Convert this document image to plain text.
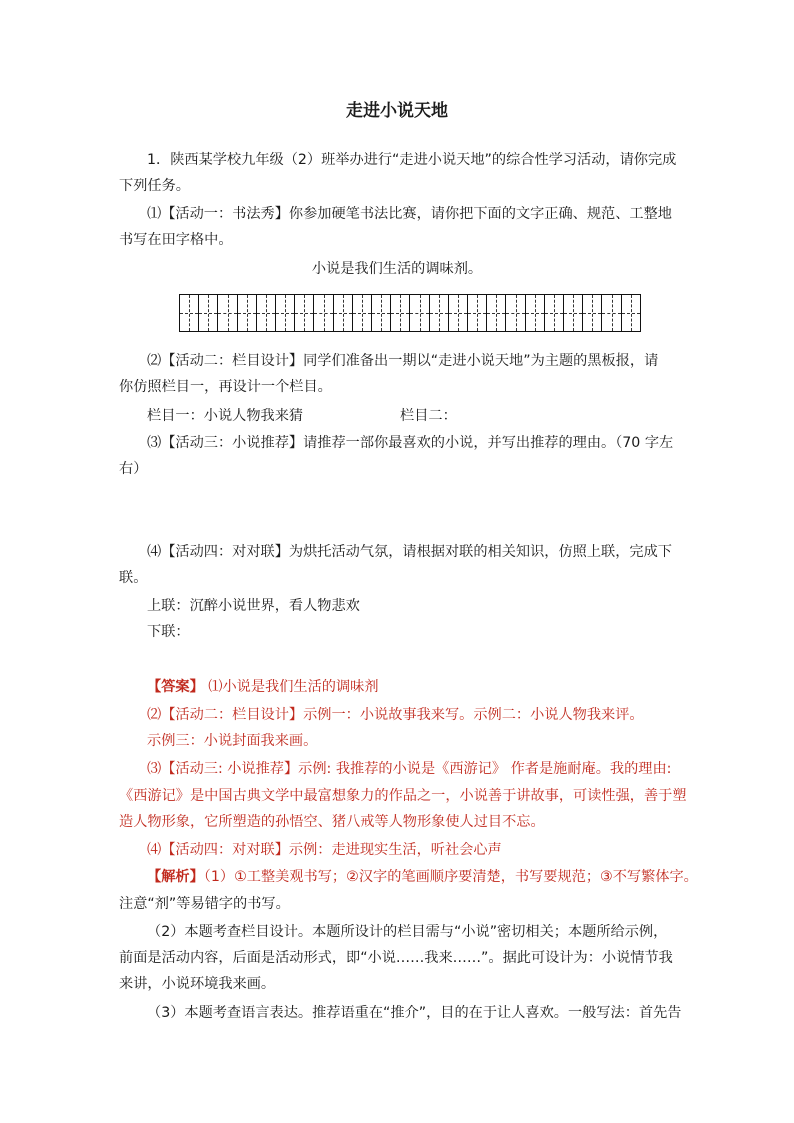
走进小说天地
1．陕西某学校九年级（2）班举办进行“走进小说天地”的综合性学习活动，请你完成
下列任务。
⑴【活动一：书法秀】你参加硬笔书法比赛，请你把下面的文字正确、规范、工整地
书写在田字格中。
小说是我们生活的调味剂。
⑵【活动二：栏目设计】同学们准备出一期以“走进小说天地”为主题的黑板报，请
你仿照栏目一，再设计一个栏目。
栏目一：小说人物我来猜	栏目二：
⑶【活动三：小说推荐】请推荐一部你最喜欢的小说，并写出推荐的理由。（70 字左
右）
⑷【活动四：对对联】为烘托活动气氛，请根据对联的相关知识，仿照上联，完成下
联。
上联：沉醉小说世界，看人物悲欢
下联：
【答案】 ⑴小说是我们生活的调味剂
⑵【活动二：栏目设计】示例一：小说故事我来写。示例二：小说人物我来评。
示例三：小说封面我来画。
⑶【活动三: 小说推荐】示例: 我推荐的小说是《西游记》 作者是施耐庵。我的理由:
《西游记》是中国古典文学中最富想象力的作品之一，小说善于讲故事，可读性强，善于塑
造人物形象，它所塑造的孙悟空、猪八戒等人物形象使人过目不忘。
⑷【活动四：对对联】示例：走进现实生活，听社会心声
【解析】（1）①工整美观书写；②汉字的笔画顺序要清楚，书写要规范；③不写繁体字。
注意“剂”等易错字的书写。
（2）本题考查栏目设计。本题所设计的栏目需与“小说”密切相关；本题所给示例，
前面是活动内容，后面是活动形式，即“小说……我来……”。据此可设计为：小说情节我
来讲，小说环境我来画。
（3）本题考查语言表达。推荐语重在“推介”，目的在于让人喜欢。一般写法：首先告
